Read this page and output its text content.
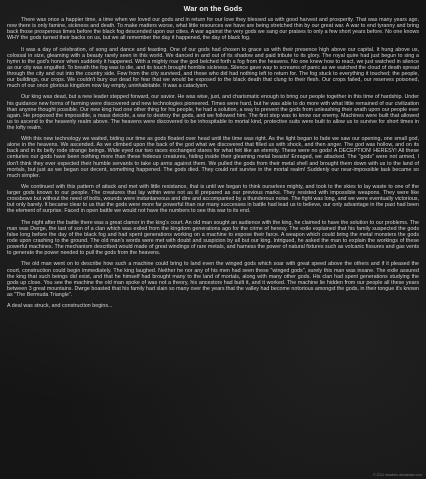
War on the Gods

There was once a happier time, a time when we loved our gods and in return for our love they blessed us with good harvest and prosperity. That was many years ago, now there is only famine, sickness and death. To make matters worse, what little resources we have are being stretched thin by our great war. A war to end tyranny and bring back those prosperous times before the black fog descended upon our cities. A war against the very gods we sang our praises to only a few short years before. No one knows WHY the gods turned their backs on us, but we all remember the day it happened, the day of black fog.

It was a day of celebration, of song and dance and feasting. One of our gods had chosen to grace us with their presence high above our capital. It hung above us, colossal in size, gleaming with a beauty rarely seen in this world. We danced in and out of its shadow and paid tribute to its glory. The royal quire had just begun to sing a hymn to the god's honor when suddenly it happened. With a mighty roar the god belched forth a fog from the heavens. No one knew how to react, we just watched in silence as our city was engulfed. To breath the fog was to die, and its touch brought horrible sickness. Silence gave way to screams of panic as we watched the cloud of death spread through the city and out into the country side. Few from the city survived, and those who did had nothing left to return for. The fog stuck to everything it touched; the people, our buildings, our crops. We couldn't bury our dead for fear that we would be exposed to the black death that clung to their flesh. Our crops failed, our reserves poisoned, much of our once glorious kingdom now lay empty, uninhabitable. It was a cataclysm.

Our king was dead, but a new leader stepped forward, our savior. He was wise, just, and charismatic enough to bring our people together in this time of hardship. Under his guidance new forms of farming were discovered and new technologies pioneered. Times were hard, but he was able to do more with what little remained of our civilization than anyone thought possible. Our new king had one other thing for his people, he had a solution, a way to prevent the gods from unleashing their wrath upon our people ever again. He proposed the impossible, a mass deicide, a war to destroy the gods, and we followed him. The first step was to know our enemy. Machines were built that allowed us to ascend to the heavenly realm above. The heavens were discovered to be inhospitable to mortal kind, protective suits were built to allow us to survive for short times in the lofty realm.

With this new technology we waited, biding our time as gods floated over head until the time was right. As the light began to fade we saw our opening, one small god, alone in the heavens. We ascended. As we climbed upon the back of the god what we discovered that filled us with shock, and then anger. The god was hollow, and on its back and in its belly rode strange beings. Wide eyed our two races exchanged stares for what felt like an eternity. These were no gods! A DECEPTION! HERESY! All these centuries our gods have been nothing more than these hideous creatures, hiding inside their gleaming metal beasts! Enraged, we attacked. The "gods" were not armed, I don't think they ever expected their humble servants to take up arms against them. We pulled the gods from their metal shell and brought them down with us to the land of mortals, but just as we began our decent, something happened. The gods died. They could not survive in the mortal realm! Suddenly our near-impossible task became so much simpler.

We continued with this pattern of attack and met with little resistance, that is until we began to think ourselves mighty, and took to the skies to lay waste to one of the larger gods known to our people. The creatures that lay within were not as ill prepared as our previous marks. They resisted with impossible weapons. They were like crossbows but without the need of bolts, wounds were instantaneous and dire and accompanied by a thunderous noise. The fight was long, and we were eventually victorious, but only barely. It became clear to us that the gods were more far powerful than our many successes in battle had lead us to believe, our only advantage in the past had been the element of surprise. Faced in open battle we would not have the numbers to see this war to its end.

The night after the battle there was a great clamor in the king's court. An old man sought an audience with the king, he claimed to have the solution to our problems. The man was Dwrge, the last of son of a clan which was exiled from the kingdom generations ago for the crime of heresy. The exile explained that his family suspected the gods false long before the day of the black fog and had spent generations working on a machine to expose their farce. A weapon which could bring the metal monsters the gods rode upon crashing to the ground. The old man's words were met with doubt and suspicion by all but our king. Intrigued, he asked the man to explain the workings of these powerful machines. The mechanism described would made of great windings of rare metals, and harness the power of natural fixtures such as volcanic fissures and gas vents to generate the power needed to pull the gods from the heavens.

The old man went on to describe how such a machine could bring to land even the winged gods which soar with great speed above the others and if it pleased the court, construction could begin immediately. The king laughed. Neither he nor any of his men had seen these "winged gods", surely this man was insane. The exile assured the king that such beings did exist, and that he himself had brought many to the land of mortals, along with many other gods. His clan had spent generations studying the gods up close. You see the machine the old man spoke of was not a theory, his ancestors had built it, and it worked. The machine lie hidden from our people all these years between 3 great mountains. Dwrge boasted that his family had slain so many over the years that the valley had become notorious amongst the gods, in their tongue it's known as "The Bermuda Triangle".

A deal was struck, and construction begins...

© 2011 rekwiem.deviantart.com
